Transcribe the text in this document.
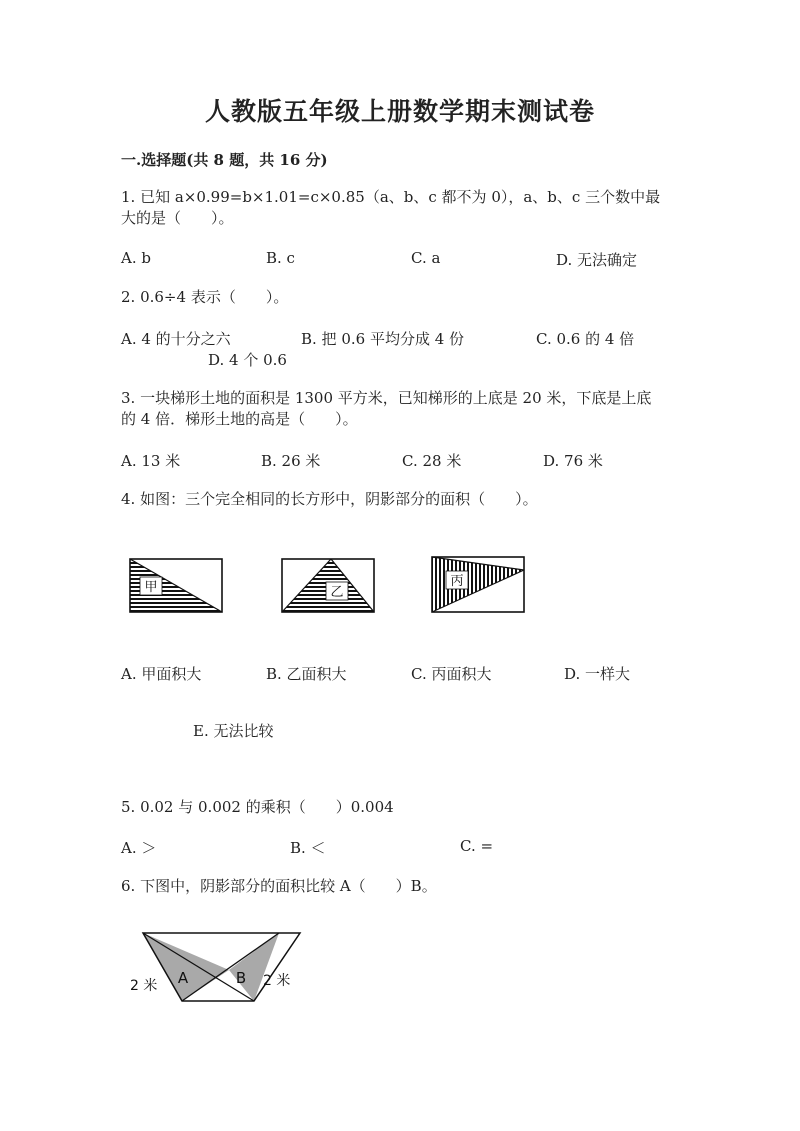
人教版五年级上册数学期末测试卷
一.选择题(共 8 题，共 16 分)
1. 已知 a×0.99=b×1.01=c×0.85（a、b、c 都不为 0），a、b、c 三个数中最
大的是（　　）。
A. b	B. c	C. a	D. 无法确定
2. 0.6÷4 表示（　　）。
A. 4 的十分之六	B. 把 0.6 平均分成 4 份	C. 0.6 的 4 倍
D. 4 个 0.6
3. 一块梯形土地的面积是 1300 平方米，已知梯形的上底是 20 米，下底是上底
的 4 倍．梯形土地的高是（　　）。
A. 13 米	B. 26 米	C. 28 米	D. 76 米
4. 如图：三个完全相同的长方形中，阴影部分的面积（　　）。
甲	乙
丙
A. 甲面积大	B. 乙面积大	C. 丙面积大	D. 一样大
E. 无法比较
5. 0.02 与 0.002 的乘积（　　）0.004
A. ＞	B. ＜	C. =
6. 下图中，阴影部分的面积比较 A（　　）B。
A	B
2 米	2 米
